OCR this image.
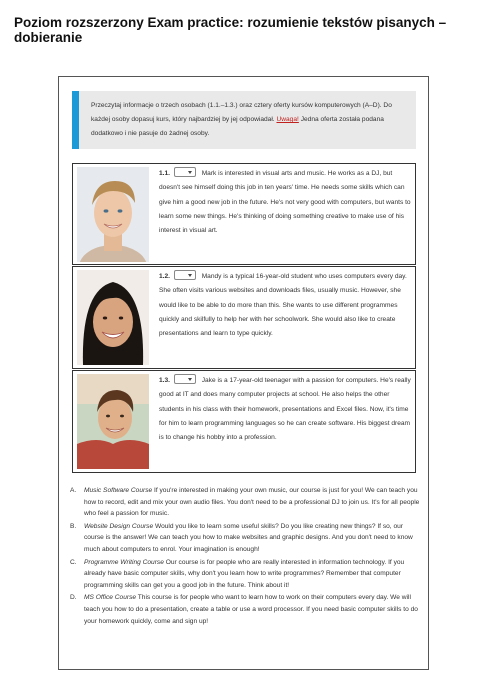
Poziom rozszerzony Exam practice: rozumienie tekstów pisanych – dobieranie
Przeczytaj informacje o trzech osobach (1.1.–1.3.) oraz cztery oferty kursów komputerowych (A–D). Do każdej osoby dopasuj kurs, który najbardziej by jej odpowiadał. Uwaga! Jedna oferta została podana dodatkowo i nie pasuje do żadnej osoby.
1.1.	Mark is interested in visual arts and music. He works as a DJ, but doesn't see himself doing this job in ten years' time. He needs some skills which can give him a good new job in the future. He's not very good with computers, but wants to learn some new things. He's thinking of doing something creative to make use of his interest in visual art.
1.2.	Mandy is a typical 16-year-old student who uses computers every day. She often visits various websites and downloads files, usually music. However, she would like to be able to do more than this. She wants to use different programmes quickly and skilfully to help her with her schoolwork. She would also like to create presentations and learn to type quickly.
1.3.	Jake is a 17-year-old teenager with a passion for computers. He's really good at IT and does many computer projects at school. He also helps the other students in his class with their homework, presentations and Excel files. Now, it's time for him to learn programming languages so he can create software. His biggest dream is to change his hobby into a profession.
A.	Music Software Course If you're interested in making your own music, our course is just for you! We can teach you how to record, edit and mix your own audio files. You don't need to be a professional DJ to join us. It's for all people who feel a passion for music.
B.	Website Design Course Would you like to learn some useful skills? Do you like creating new things? If so, our course is the answer! We can teach you how to make websites and graphic designs. And you don't need to know much about computers to enrol. Your imagination is enough!
C.	Programme Writing Course Our course is for people who are really interested in information technology. If you already have basic computer skills, why don't you learn how to write programmes? Remember that computer programming skills can get you a good job in the future. Think about it!
D.	MS Office Course This course is for people who want to learn how to work on their computers every day. We will teach you how to do a presentation, create a table or use a word processor. If you need basic computer skills to do your homework quickly, come and sign up!
